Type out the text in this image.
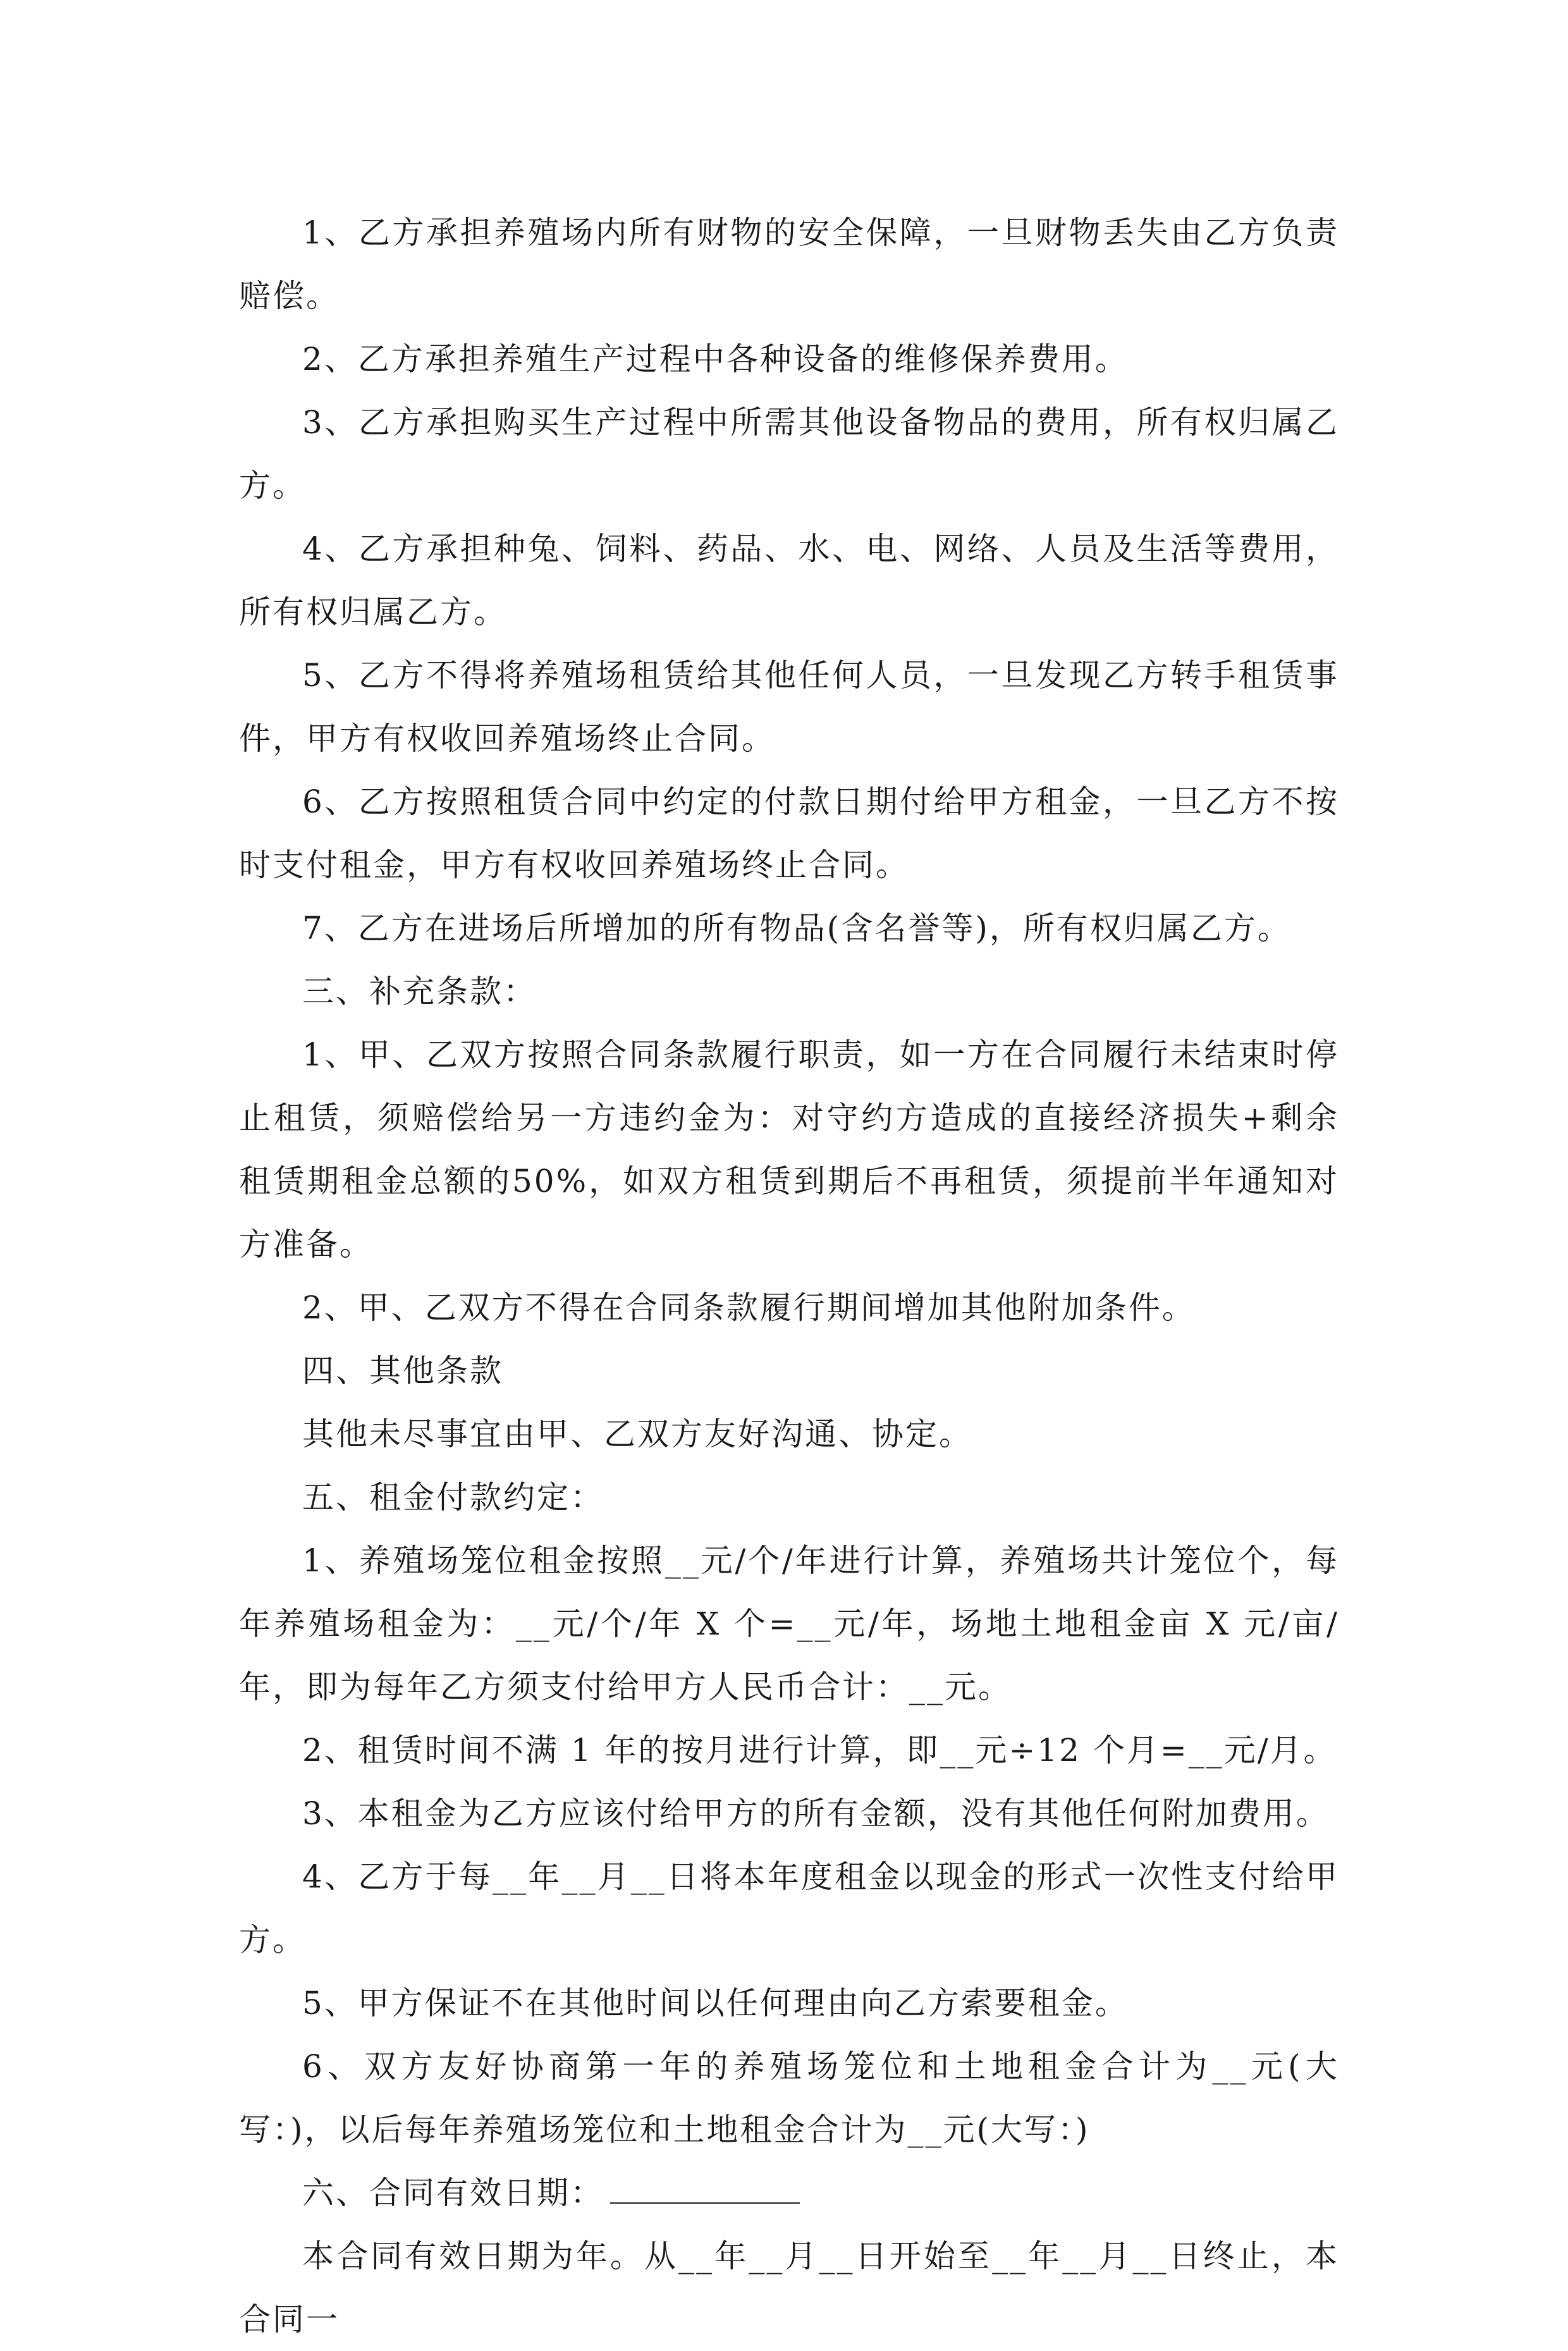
1、乙方承担养殖场内所有财物的安全保障，一旦财物丢失由乙方负责赔偿。

2、乙方承担养殖生产过程中各种设备的维修保养费用。

3、乙方承担购买生产过程中所需其他设备物品的费用，所有权归属乙方。

4、乙方承担种兔、饲料、药品、水、电、网络、人员及生活等费用，所有权归属乙方。

5、乙方不得将养殖场租赁给其他任何人员，一旦发现乙方转手租赁事件，甲方有权收回养殖场终止合同。

6、乙方按照租赁合同中约定的付款日期付给甲方租金，一旦乙方不按时支付租金，甲方有权收回养殖场终止合同。

7、乙方在进场后所增加的所有物品(含名誉等)，所有权归属乙方。

三、补充条款：

1、甲、乙双方按照合同条款履行职责，如一方在合同履行未结束时停止租赁，须赔偿给另一方违约金为：对守约方造成的直接经济损失+剩余租赁期租金总额的50%，如双方租赁到期后不再租赁，须提前半年通知对方准备。

2、甲、乙双方不得在合同条款履行期间增加其他附加条件。

四、其他条款

其他未尽事宜由甲、乙双方友好沟通、协定。

五、租金付款约定：

1、养殖场笼位租金按照__元/个/年进行计算，养殖场共计笼位个，每年养殖场租金为：__元/个/年 X 个=__元/年，场地土地租金亩 X 元/亩/年，即为每年乙方须支付给甲方人民币合计：__元。

2、租赁时间不满 1 年的按月进行计算，即__元÷12 个月=__元/月。

3、本租金为乙方应该付给甲方的所有金额，没有其他任何附加费用。

4、乙方于每__年__月__日将本年度租金以现金的形式一次性支付给甲方。

5、甲方保证不在其他时间以任何理由向乙方索要租金。

6、双方友好协商第一年的养殖场笼位和土地租金合计为__元(大写：)，以后每年养殖场笼位和土地租金合计为__元(大写：)

六、合同有效日期：

本合同有效日期为年。从__年__月__日开始至__年__月__日终止，本合同一
